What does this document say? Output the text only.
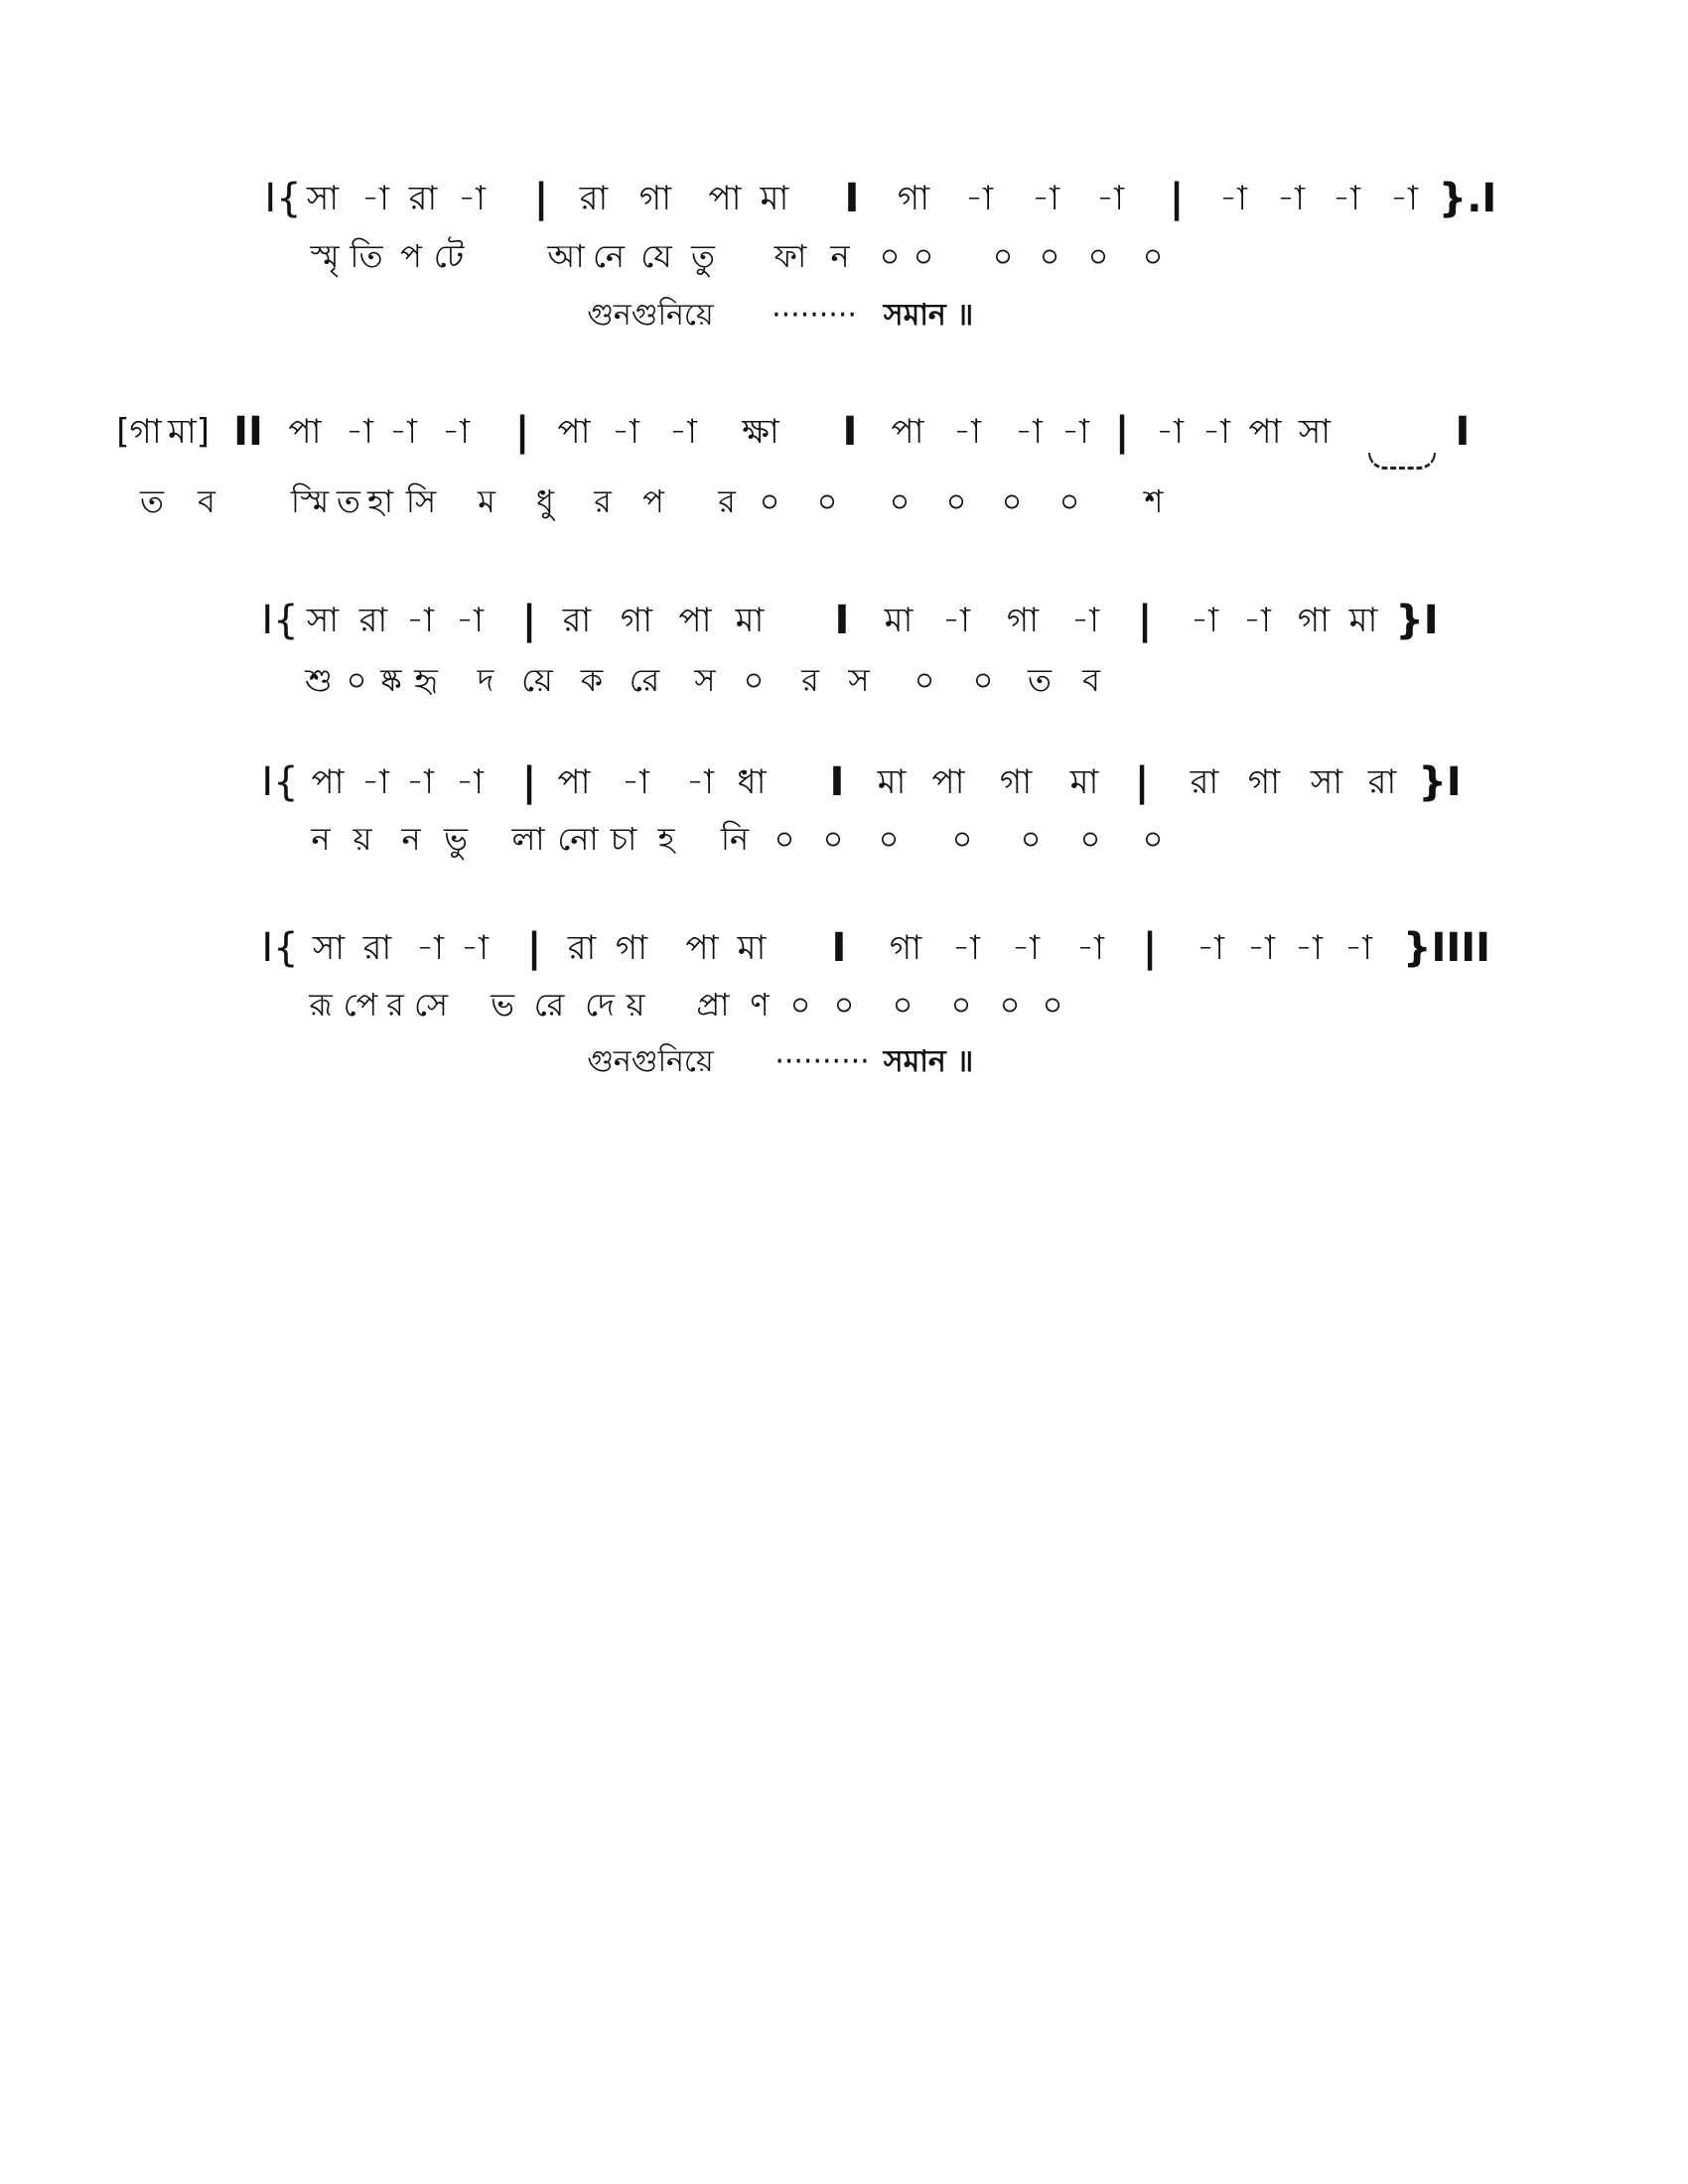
I{ সা -া রা -া | রা গা পা মা I গা -া -া -া | -া -া -া -া }.I
স্মৃ তি প টে	আ নে যে তু ফা ন ০ ০ ০ ০ ০ ০
[গা মা] II পা -া -া -া | পা -া -া ক্ষা I পা -া -া -া | -া -া পা সা	I
ত ব স্মি ত হা সি ম ধু র প র ০ ০ ০ ০ ০ ০ শ
I{ সা রা -া -া | রা গা পা মা I মা -া গা -া | -া -া গা মা }I
শু ০ ষ্ক হৃ দ য়ে ক রে স ০ র স ০ ০ ত ব
I{ পা -া -া -া | পা -া -া ধা I মা পা গা মা | রা গা সা রা }I
ন য় ন ভু লা নো চা হ নি ০ ০ ০ ০ ০ ০ ০
I{ সা রা -া -া | রা গা পা মা I গা -া -া -া | -া -া -া -া }IIII
রূ পে র সে ভ রে দে য় প্রা ণ ০ ০ ০ ০ ০ ০
গুনগুনিয়ে ········· সমান ॥
গুনগুনিয়ে ·········· সমান ॥
